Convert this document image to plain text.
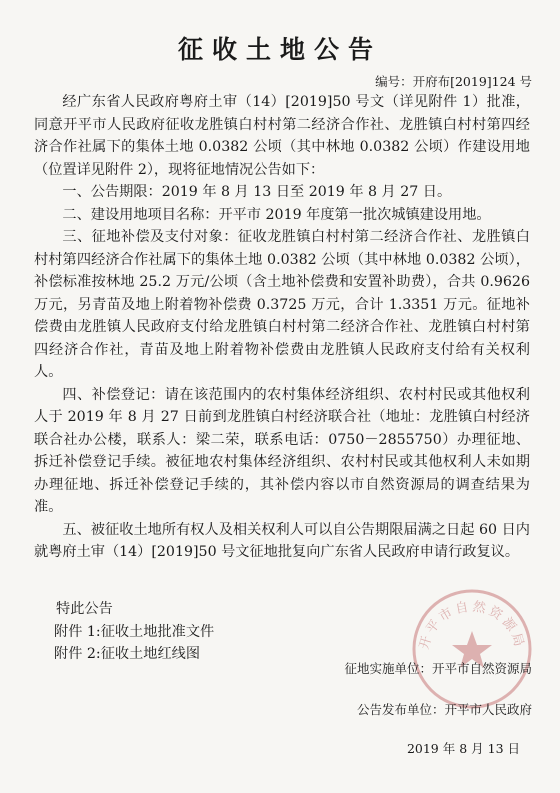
征收土地公告
编号：开府布[2019]124 号

经广东省人民政府粤府土审（14）[2019]50 号文（详见附件 1）批准，同意开平市人民政府征收龙胜镇白村村第二经济合作社、龙胜镇白村村第四经济合作社属下的集体土地 0.0382 公顷（其中林地 0.0382 公顷）作建设用地（位置详见附件 2），现将征地情况公告如下：

一、公告期限：2019 年 8 月 13 日至 2019 年 8 月 27 日。

二、建设用地项目名称：开平市 2019 年度第一批次城镇建设用地。

三、征地补偿及支付对象：征收龙胜镇白村村第二经济合作社、龙胜镇白村村第四经济合作社属下的集体土地 0.0382 公顷（其中林地 0.0382 公顷），补偿标准按林地 25.2 万元/公顷（含土地补偿费和安置补助费），合共 0.9626 万元，另青苗及地上附着物补偿费 0.3725 万元，合计 1.3351 万元。征地补偿费由龙胜镇人民政府支付给龙胜镇白村村第二经济合作社、龙胜镇白村村第四经济合作社，青苗及地上附着物补偿费由龙胜镇人民政府支付给有关权利人。

四、补偿登记：请在该范围内的农村集体经济组织、农村村民或其他权利人于 2019 年 8 月 27 日前到龙胜镇白村经济联合社（地址：龙胜镇白村经济联合社办公楼，联系人：梁二荣，联系电话：0750－2855750）办理征地、拆迁补偿登记手续。被征地农村集体经济组织、农村村民或其他权利人未如期办理征地、拆迁补偿登记手续的，其补偿内容以市自然资源局的调查结果为准。

五、被征收土地所有权人及相关权利人可以自公告期限届满之日起 60 日内就粤府土审（14）[2019]50 号文征地批复向广东省人民政府申请行政复议。

特此公告
附件 1:征收土地批准文件
附件 2:征收土地红线图
开平市自然资源局
征地实施单位：开平市自然资源局
公告发布单位：开平市人民政府
2019 年 8 月 13 日
